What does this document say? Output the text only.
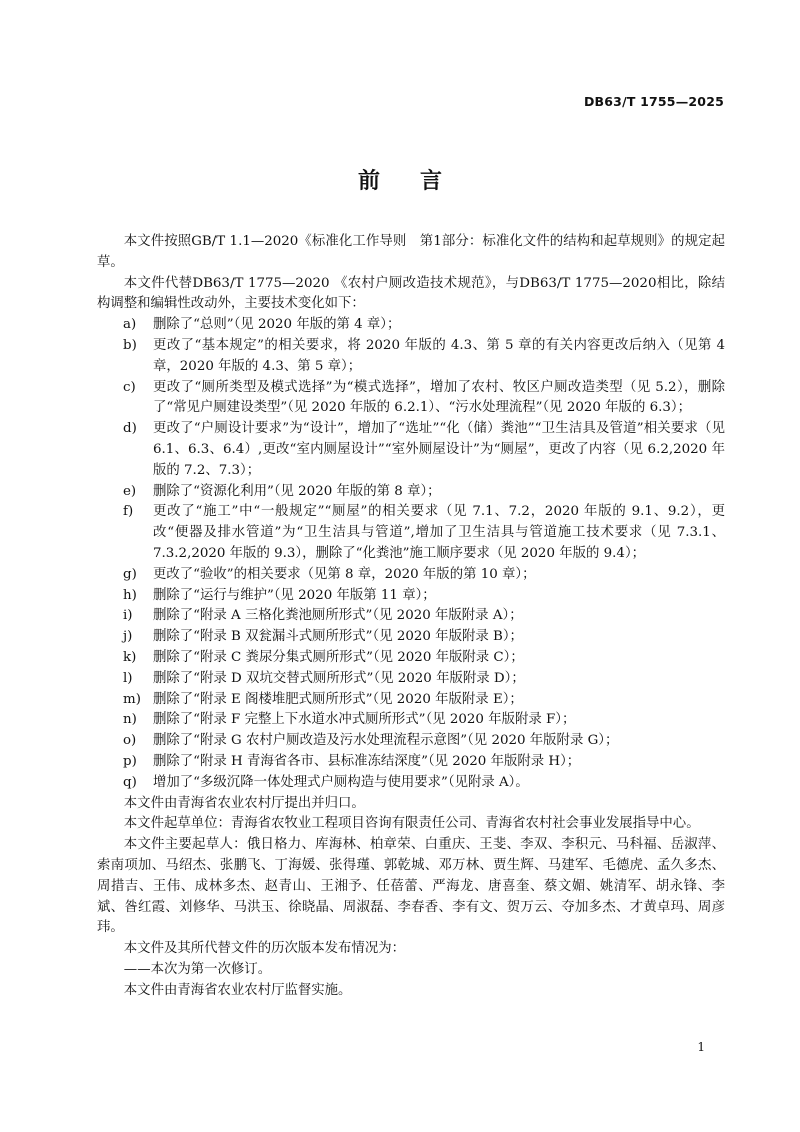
DB63/T 1755—2025
前言

本文件按照GB/T 1.1—2020《标准化工作导则　第1部分：标准化文件的结构和起草规则》的规定起草。

本文件代替DB63/T 1775—2020 《农村户厕改造技术规范》，与DB63/T 1775—2020相比，除结构调整和编辑性改动外，主要技术变化如下：

a)	删除了“总则”（见 2020 年版的第 4 章）；
b)	更改了“基本规定”的相关要求，将 2020 年版的 4.3、第 5 章的有关内容更改后纳入（见第 4 章，2020 年版的 4.3、第 5 章）；
c)	更改了“厕所类型及模式选择”为“模式选择”，增加了农村、牧区户厕改造类型（见 5.2），删除了“常见户厕建设类型”（见 2020 年版的 6.2.1）、“污水处理流程”（见 2020 年版的 6.3）；
d)	更改了“户厕设计要求”为“设计”，增加了“选址”“化（储）粪池”“卫生洁具及管道”相关要求（见 6.1、6.3、6.4）,更改“室内厕屋设计”“室外厕屋设计”为“厕屋”，更改了内容（见 6.2,2020 年版的 7.2、7.3）；
e)	删除了“资源化利用”（见 2020 年版的第 8 章）；
f)	更改了“施工”中“一般规定”“厕屋”的相关要求（见 7.1、7.2，2020 年版的 9.1、9.2），更改“便器及排水管道”为“卫生洁具与管道”,增加了卫生洁具与管道施工技术要求（见 7.3.1、7.3.2,2020 年版的 9.3），删除了“化粪池”施工顺序要求（见 2020 年版的 9.4）；
g)	更改了“验收”的相关要求（见第 8 章，2020 年版的第 10 章）；
h)	删除了“运行与维护”（见 2020 年版第 11 章）；
i)	删除了“附录 A 三格化粪池厕所形式”（见 2020 年版附录 A）；
j)	删除了“附录 B 双瓮漏斗式厕所形式”（见 2020 年版附录 B）；
k)	删除了“附录 C 粪尿分集式厕所形式”（见 2020 年版附录 C）；
l)	删除了“附录 D 双坑交替式厕所形式”（见 2020 年版附录 D）；
m) 删除了“附录 E 阁楼堆肥式厕所形式”（见 2020 年版附录 E）；
n)	删除了“附录 F 完整上下水道水冲式厕所形式”（见 2020 年版附录 F）；
o)	删除了“附录 G 农村户厕改造及污水处理流程示意图”（见 2020 年版附录 G）；
p)	删除了“附录 H 青海省各市、县标准冻结深度”（见 2020 年版附录 H）；
q)	增加了“多级沉降一体处理式户厕构造与使用要求”（见附录 A）。

本文件由青海省农业农村厅提出并归口。

本文件起草单位：青海省农牧业工程项目咨询有限责任公司、青海省农村社会事业发展指导中心。

本文件主要起草人：俄日格力、库海林、柏章荣、白重庆、王斐、李双、李积元、马科福、岳淑萍、索南项加、马绍杰、张鹏飞、丁海媛、张得瑾、郭乾城、邓万林、贾生辉、马建军、毛德虎、孟久多杰、周措吉、王伟、成林多杰、赵青山、王湘予、任蓓蕾、严海龙、唐喜奎、蔡文媚、姚清军、胡永锋、李斌、昝红霞、刘修华、马洪玉、徐晓晶、周淑磊、李春香、李有文、贺万云、夺加多杰、才黄卓玛、周彦玮。

本文件及其所代替文件的历次版本发布情况为：

——本次为第一次修订。

本文件由青海省农业农村厅监督实施。

1
